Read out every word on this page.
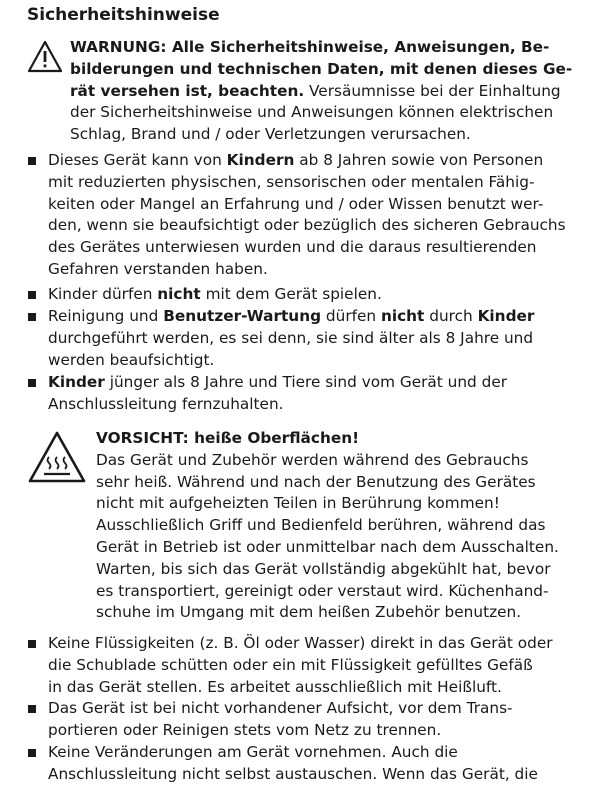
Sicherheitshinweise

WARNUNG: Alle Sicherheitshinweise, Anweisungen, Be-

bilderungen und technischen Daten, mit denen dieses Ge-

rät versehen ist, beachten. Versäumnisse bei der Einhaltung

der Sicherheitshinweise und Anweisungen können elektrischen

Schlag, Brand und / oder Verletzungen verursachen.

Dieses Gerät kann von Kindern ab 8 Jahren sowie von Personen

mit reduzierten physischen, sensorischen oder mentalen Fähig-

keiten oder Mangel an Erfahrung und / oder Wissen benutzt wer-

den, wenn sie beaufsichtigt oder bezüglich des sicheren Gebrauchs

des Gerätes unterwiesen wurden und die daraus resultierenden

Gefahren verstanden haben.

Kinder dürfen nicht mit dem Gerät spielen.

Reinigung und Benutzer-Wartung dürfen nicht durch Kinder

durchgeführt werden, es sei denn, sie sind älter als 8 Jahre und

werden beaufsichtigt.

Kinder jünger als 8 Jahre und Tiere sind vom Gerät und der

Anschlussleitung fernzuhalten.

VORSICHT: heiße Oberflächen!

Das Gerät und Zubehör werden während des Gebrauchs

sehr heiß. Während und nach der Benutzung des Gerätes

nicht mit aufgeheizten Teilen in Berührung kommen!

Ausschließlich Griff und Bedienfeld berühren, während das

Gerät in Betrieb ist oder unmittelbar nach dem Ausschalten.

Warten, bis sich das Gerät vollständig abgekühlt hat, bevor

es transportiert, gereinigt oder verstaut wird. Küchenhand-

schuhe im Umgang mit dem heißen Zubehör benutzen.

Keine Flüssigkeiten (z. B. Öl oder Wasser) direkt in das Gerät oder

die Schublade schütten oder ein mit Flüssigkeit gefülltes Gefäß

in das Gerät stellen. Es arbeitet ausschließlich mit Heißluft.

Das Gerät ist bei nicht vorhandener Aufsicht, vor dem Trans-

portieren oder Reinigen stets vom Netz zu trennen.

Keine Veränderungen am Gerät vornehmen. Auch die

Anschlussleitung nicht selbst austauschen. Wenn das Gerät, die
